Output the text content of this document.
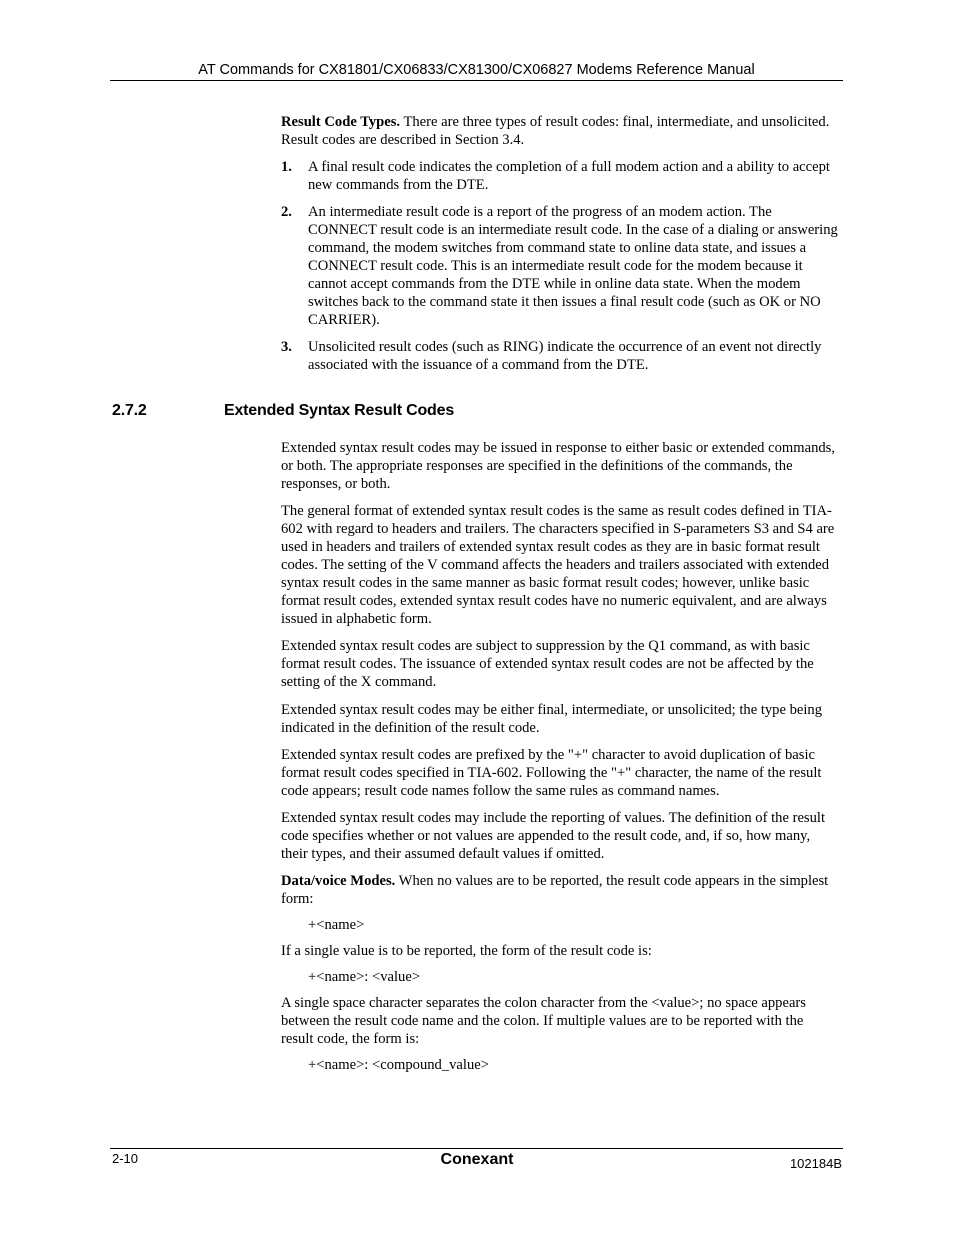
AT Commands for CX81801/CX06833/CX81300/CX06827 Modems Reference Manual

Result Code Types. There are three types of result codes: final, intermediate, and unsolicited. Result codes are described in Section 3.4.

1. A final result code indicates the completion of a full modem action and a ability to accept new commands from the DTE.
2. An intermediate result code is a report of the progress of an modem action. The CONNECT result code is an intermediate result code. In the case of a dialing or answering command, the modem switches from command state to online data state, and issues a CONNECT result code. This is an intermediate result code for the modem because it cannot accept commands from the DTE while in online data state. When the modem switches back to the command state it then issues a final result code (such as OK or NO CARRIER).
3. Unsolicited result codes (such as RING) indicate the occurrence of an event not directly associated with the issuance of a command from the DTE.
2.7.2	Extended Syntax Result Codes

Extended syntax result codes may be issued in response to either basic or extended commands, or both. The appropriate responses are specified in the definitions of the commands, the responses, or both.

The general format of extended syntax result codes is the same as result codes defined in TIA-602 with regard to headers and trailers. The characters specified in S-parameters S3 and S4 are used in headers and trailers of extended syntax result codes as they are in basic format result codes. The setting of the V command affects the headers and trailers associated with extended syntax result codes in the same manner as basic format result codes; however, unlike basic format result codes, extended syntax result codes have no numeric equivalent, and are always issued in alphabetic form.

Extended syntax result codes are subject to suppression by the Q1 command, as with basic format result codes. The issuance of extended syntax result codes are not be affected by the setting of the X command.

Extended syntax result codes may be either final, intermediate, or unsolicited; the type being indicated in the definition of the result code.

Extended syntax result codes are prefixed by the "+" character to avoid duplication of basic format result codes specified in TIA-602. Following the "+" character, the name of the result code appears; result code names follow the same rules as command names.

Extended syntax result codes may include the reporting of values. The definition of the result code specifies whether or not values are appended to the result code, and, if so, how many, their types, and their assumed default values if omitted.

Data/voice Modes. When no values are to be reported, the result code appears in the simplest form:

+<name>

If a single value is to be reported, the form of the result code is:

+<name>: <value>

A single space character separates the colon character from the <value>; no space appears between the result code name and the colon. If multiple values are to be reported with the result code, the form is:

+<name>: <compound_value>

2-10	Conexant	102184B
